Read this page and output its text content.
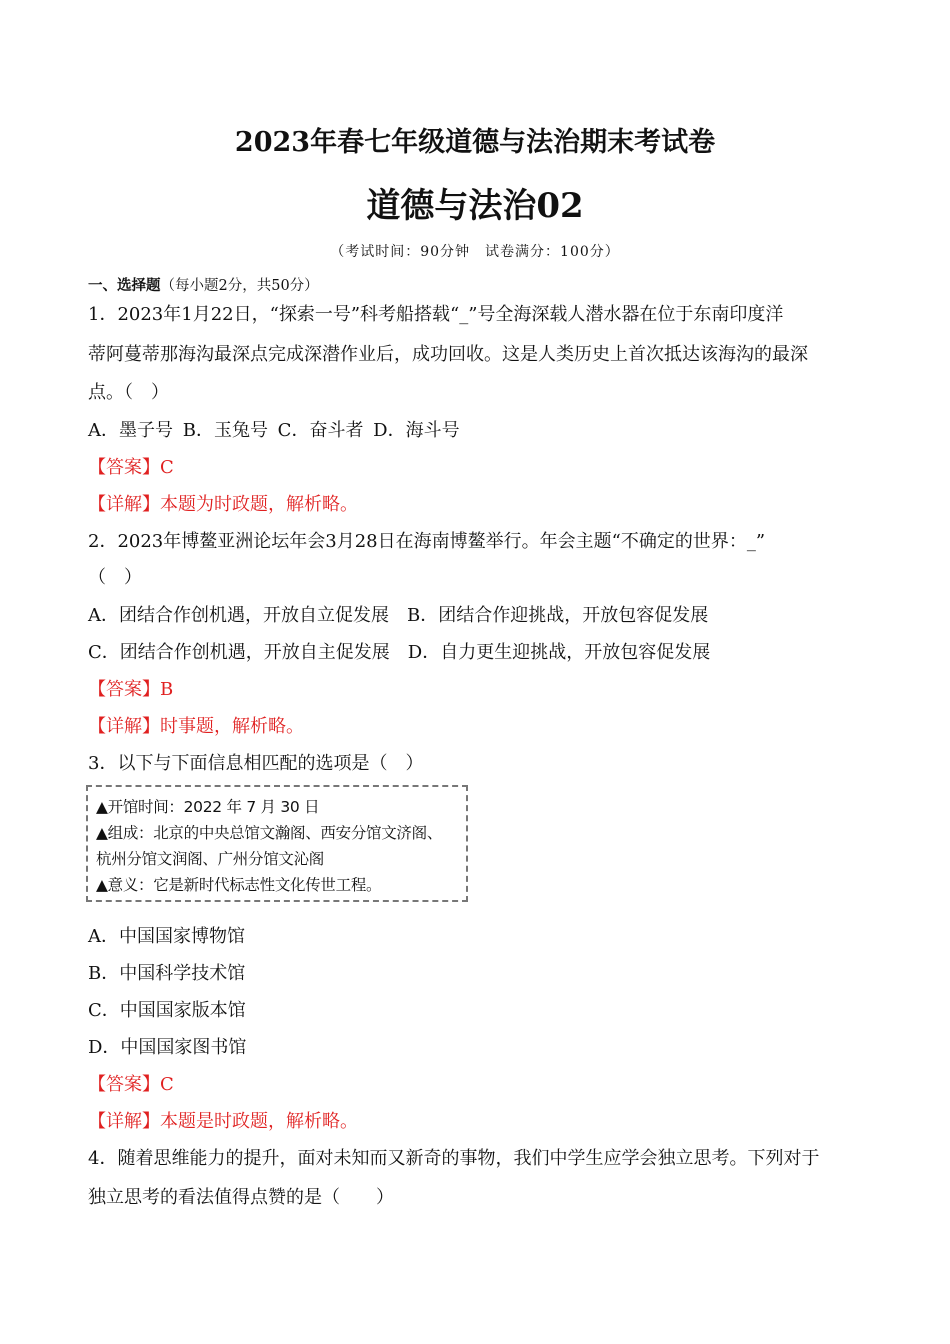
2023年春七年级道德与法治期末考试卷
道德与法治02
（考试时间：90分钟　试卷满分：100分）
一、选择题（每小题2分，共50分）
1．2023年1月22日，“探索一号”科考船搭载“_”号全海深载人潜水器在位于东南印度洋
蒂阿蔓蒂那海沟最深点完成深潜作业后，成功回收。这是人类历史上首次抵达该海沟的最深
点。（　）
A．墨子号 B．玉兔号 C．奋斗者 D．海斗号
【答案】C
【详解】本题为时政题，解析略。
2．2023年博鳌亚洲论坛年会3月28日在海南博鳌举行。年会主题“不确定的世界：_”
（　）
A．团结合作创机遇，开放自立促发展　B．团结合作迎挑战，开放包容促发展
C．团结合作创机遇，开放自主促发展　D．自力更生迎挑战，开放包容促发展
【答案】B
【详解】时事题，解析略。
3．以下与下面信息相匹配的选项是（　）
▲开馆时间：2022 年 7 月 30 日
▲组成：北京的中央总馆文瀚阁、西安分馆文济阁、
杭州分馆文润阁、广州分馆文沁阁
▲意义：它是新时代标志性文化传世工程。
A．中国国家博物馆
B．中国科学技术馆
C．中国国家版本馆
D．中国国家图书馆
【答案】C
【详解】本题是时政题，解析略。
4．随着思维能力的提升，面对未知而又新奇的事物，我们中学生应学会独立思考。下列对于
独立思考的看法值得点赞的是（　　）
